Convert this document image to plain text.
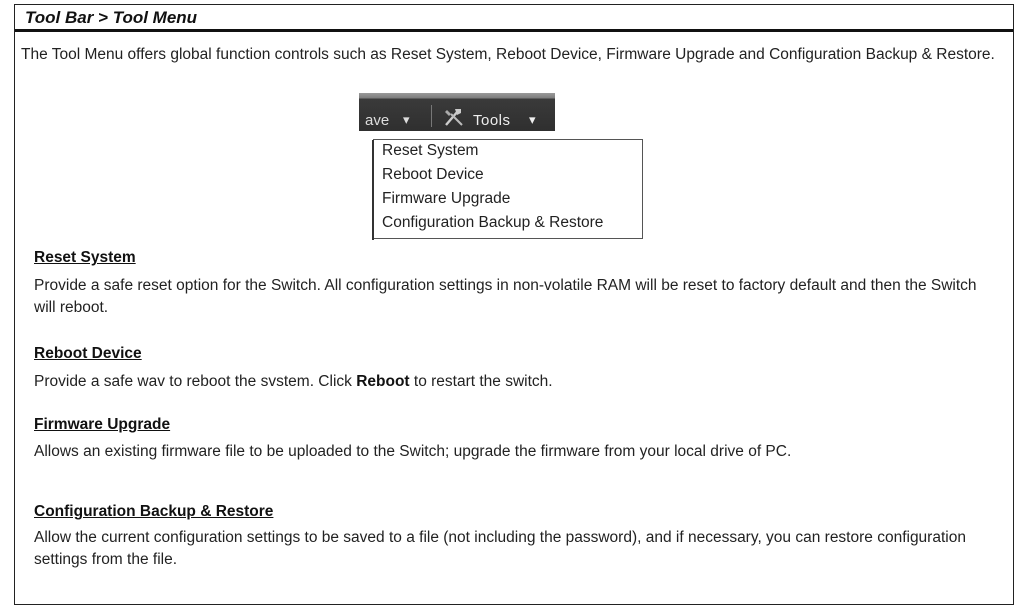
Tool Bar > Tool Menu
The Tool Menu offers global function controls such as Reset System, Reboot Device, Firmware Upgrade and Configuration Backup & Restore.
ave ▾	Tools ▾
Reset System
Reboot Device
Firmware Upgrade
Configuration Backup & Restore
Reset System
Provide a safe reset option for the Switch. All configuration settings in non-volatile RAM will be reset to factory default and then the Switch will reboot.
Reboot Device
Provide a safe wav to reboot the svstem. Click Reboot to restart the switch.
Firmware Upgrade
Allows an existing firmware file to be uploaded to the Switch; upgrade the firmware from your local drive of PC.
Configuration Backup & Restore
Allow the current configuration settings to be saved to a file (not including the password), and if necessary, you can restore configuration settings from the file.
